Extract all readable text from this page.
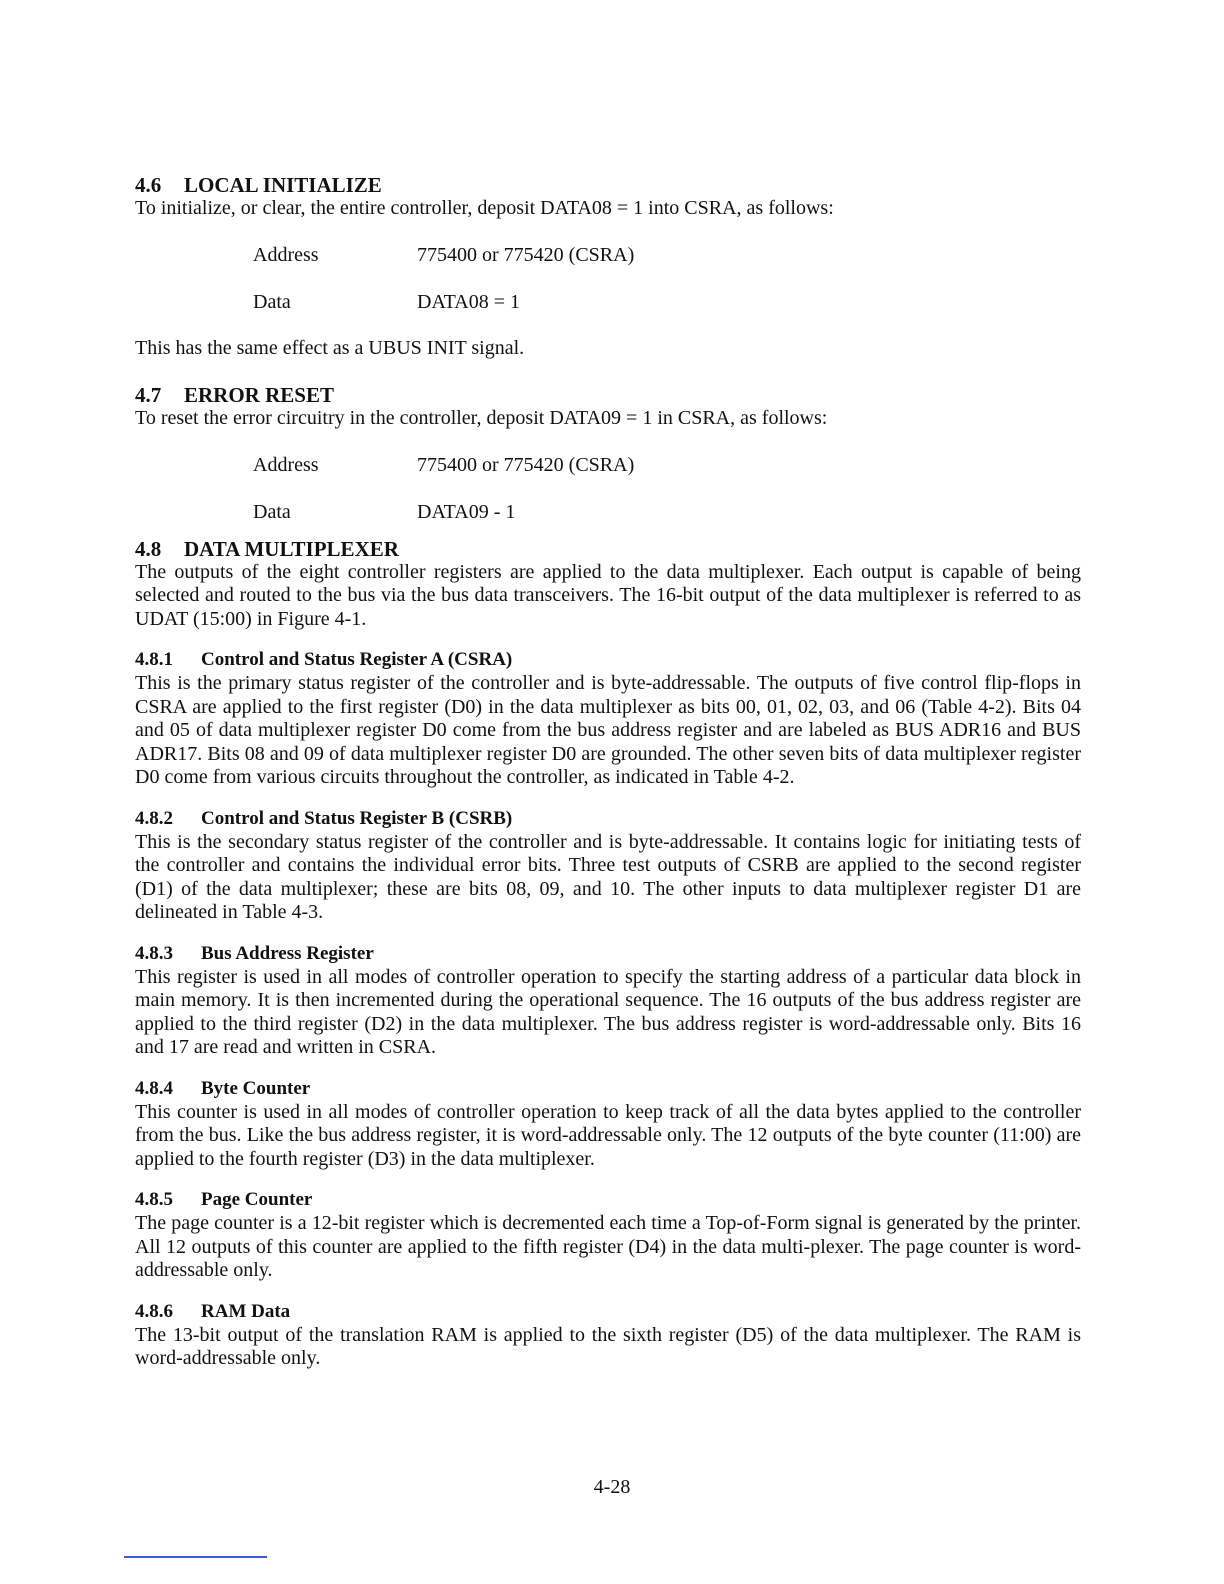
4.6 LOCAL INITIALIZE

To initialize, or clear, the entire controller, deposit DATA08 = 1 into CSRA, as follows:

Address	775400 or 775420 (CSRA)
Data	DATA08 = 1

This has the same effect as a UBUS INIT signal.

4.7 ERROR RESET

To reset the error circuitry in the controller, deposit DATA09 = 1 in CSRA, as follows:

Address	775400 or 775420 (CSRA)
Data	DATA09 - 1
4.8 DATA MULTIPLEXER

The outputs of the eight controller registers are applied to the data multiplexer. Each output is capable of being selected and routed to the bus via the bus data transceivers. The 16-bit output of the data multiplexer is referred to as UDAT (15:00) in Figure 4-1.

4.8.1 Control and Status Register A (CSRA)

This is the primary status register of the controller and is byte-addressable. The outputs of five control flip-flops in CSRA are applied to the first register (D0) in the data multiplexer as bits 00, 01, 02, 03, and 06 (Table 4-2). Bits 04 and 05 of data multiplexer register D0 come from the bus address register and are labeled as BUS ADR16 and BUS ADR17. Bits 08 and 09 of data multiplexer register D0 are grounded. The other seven bits of data multiplexer register D0 come from various circuits throughout the controller, as indicated in Table 4-2.

4.8.2 Control and Status Register B (CSRB)

This is the secondary status register of the controller and is byte-addressable. It contains logic for initiating tests of the controller and contains the individual error bits. Three test outputs of CSRB are applied to the second register (D1) of the data multiplexer; these are bits 08, 09, and 10. The other inputs to data multiplexer register D1 are delineated in Table 4-3.

4.8.3 Bus Address Register

This register is used in all modes of controller operation to specify the starting address of a particular data block in main memory. It is then incremented during the operational sequence. The 16 outputs of the bus address register are applied to the third register (D2) in the data multiplexer. The bus address register is word-addressable only. Bits 16 and 17 are read and written in CSRA.

4.8.4 Byte Counter

This counter is used in all modes of controller operation to keep track of all the data bytes applied to the controller from the bus. Like the bus address register, it is word-addressable only. The 12 outputs of the byte counter (11:00) are applied to the fourth register (D3) in the data multiplexer.

4.8.5 Page Counter

The page counter is a 12-bit register which is decremented each time a Top-of-Form signal is generated by the printer. All 12 outputs of this counter are applied to the fifth register (D4) in the data multi-plexer. The page counter is word-addressable only.

4.8.6 RAM Data

The 13-bit output of the translation RAM is applied to the sixth register (D5) of the data multiplexer. The RAM is word-addressable only.

4-28
